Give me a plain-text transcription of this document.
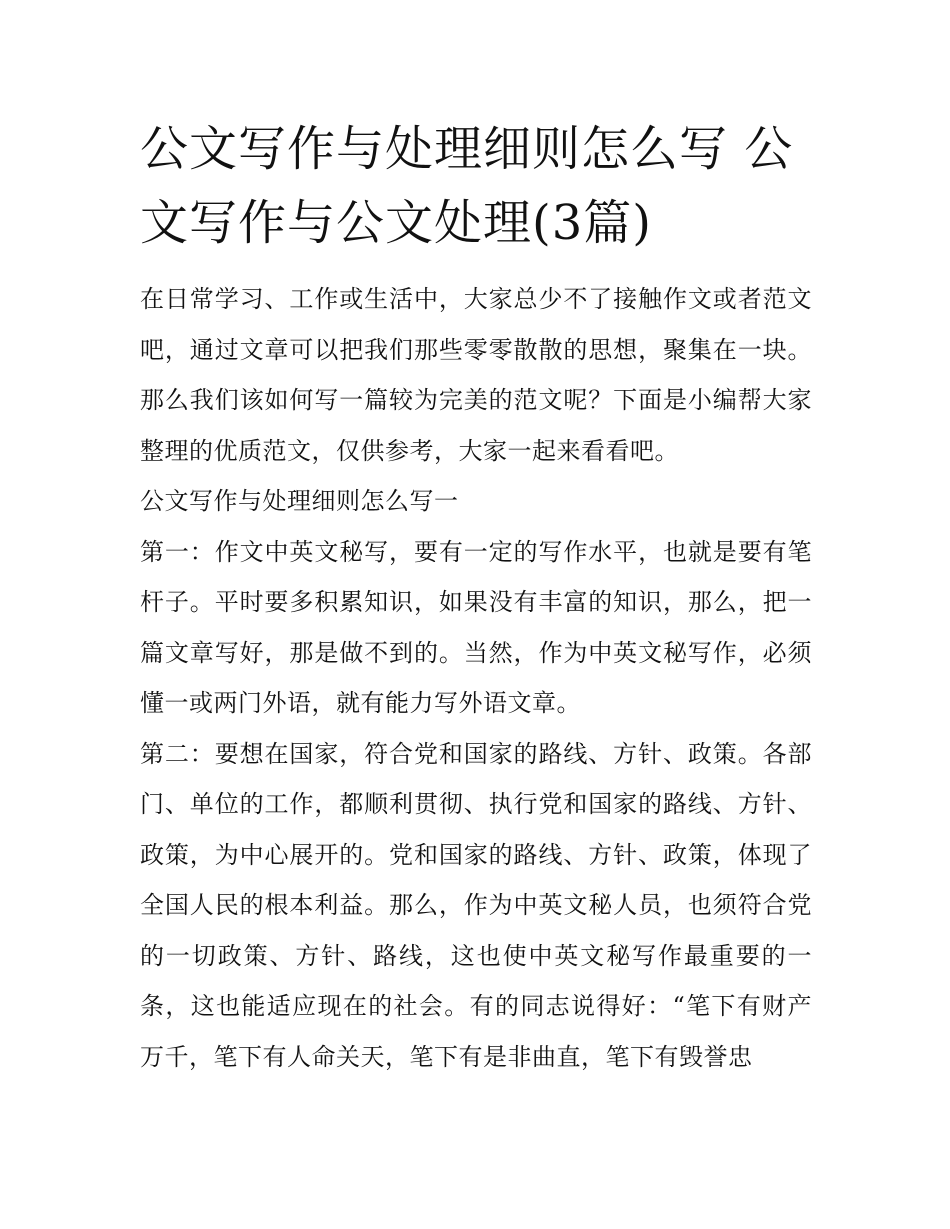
公文写作与处理细则怎么写 公文写作与公文处理(3篇)

在日常学习、工作或生活中，大家总少不了接触作文或者范文吧，通过文章可以把我们那些零零散散的思想，聚集在一块。那么我们该如何写一篇较为完美的范文呢？下面是小编帮大家整理的优质范文，仅供参考，大家一起来看看吧。

公文写作与处理细则怎么写一

第一：作文中英文秘写，要有一定的写作水平，也就是要有笔杆子。平时要多积累知识，如果没有丰富的知识，那么，把一篇文章写好，那是做不到的。当然，作为中英文秘写作，必须懂一或两门外语，就有能力写外语文章。

第二：要想在国家，符合党和国家的路线、方针、政策。各部门、单位的工作，都顺利贯彻、执行党和国家的路线、方针、政策，为中心展开的。党和国家的路线、方针、政策，体现了全国人民的根本利益。那么，作为中英文秘人员，也须符合党的一切政策、方针、路线，这也使中英文秘写作最重要的一条，这也能适应现在的社会。有的同志说得好：“笔下有财产万千，笔下有人命关天，笔下有是非曲直，笔下有毁誉忠
